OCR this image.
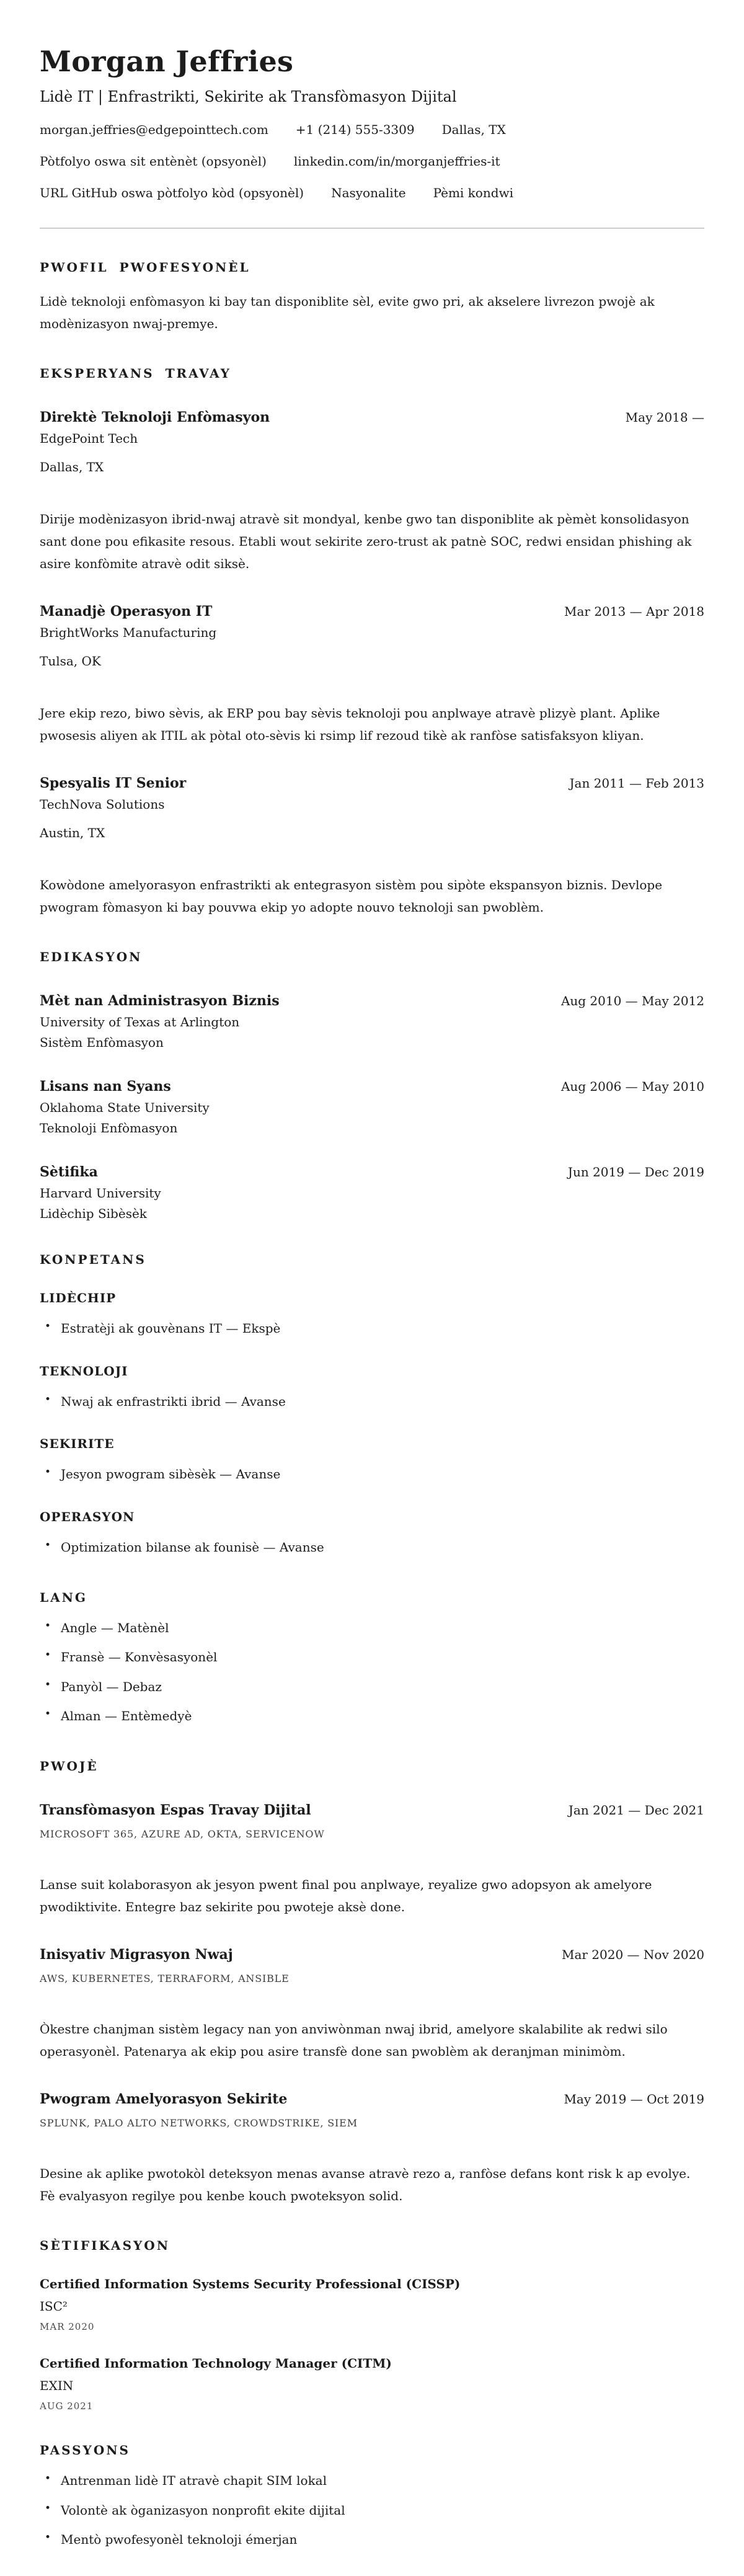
Morgan Jeffries
Lidè IT | Enfrastrikti, Sekirite ak Transfòmasyon Dijital
morgan.jeffries@edgepointtech.com +1 (214) 555-3309 Dallas, TX
Pòtfolyo oswa sit entènèt (opsyonèl) linkedin.com/in/morganjeffries-it
URL GitHub oswa pòtfolyo kòd (opsyonèl) Nasyonalite Pèmi kondwi
PWOFIL PWOFESYONÈL

Lidè teknoloji enfòmasyon ki bay tan disponiblite sèl, evite gwo pri, ak akselere livrezon pwojè ak modènizasyon nwaj-premye.

EKSPERYANS TRAVAY
Direktè Teknoloji Enfòmasyon	May 2018 —
EdgePoint Tech
Dallas, TX

Dirije modènizasyon ibrid-nwaj atravè sit mondyal, kenbe gwo tan disponiblite ak pèmèt konsolidasyon sant done pou efikasite resous. Etabli wout sekirite zero-trust ak patnè SOC, redwi ensidan phishing ak asire konfòmite atravè odit siksè.

Manadjè Operasyon IT	Mar 2013 — Apr 2018
BrightWorks Manufacturing
Tulsa, OK

Jere ekip rezo, biwo sèvis, ak ERP pou bay sèvis teknoloji pou anplwaye atravè plizyè plant. Aplike pwosesis aliyen ak ITIL ak pòtal oto-sèvis ki rsimp lif rezoud tikè ak ranfòse satisfaksyon kliyan.

Spesyalis IT Senior	Jan 2011 — Feb 2013
TechNova Solutions
Austin, TX

Kowòdone amelyorasyon enfrastrikti ak entegrasyon sistèm pou sipòte ekspansyon biznis. Devlope pwogram fòmasyon ki bay pouvwa ekip yo adopte nouvo teknoloji san pwoblèm.

EDIKASYON
Mèt nan Administrasyon Biznis	Aug 2010 — May 2012
University of Texas at Arlington
Sistèm Enfòmasyon
Lisans nan Syans	Aug 2006 — May 2010
Oklahoma State University
Teknoloji Enfòmasyon
Sètifika	Jun 2019 — Dec 2019
Harvard University
Lidèchip Sibèsèk
KONPETANS
LIDÈCHIP
• Estratèji ak gouvènans IT — Ekspè
TEKNOLOJI
• Nwaj ak enfrastrikti ibrid — Avanse
SEKIRITE
• Jesyon pwogram sibèsèk — Avanse
OPERASYON
• Optimization bilanse ak founisè — Avanse
LANG
• Angle — Matènèl
• Fransè — Konvèsasyonèl
• Panyòl — Debaz
• Alman — Entèmedyè
PWOJÈ
Transfòmasyon Espas Travay Dijital	Jan 2021 — Dec 2021
MICROSOFT 365, AZURE AD, OKTA, SERVICENOW

Lanse suit kolaborasyon ak jesyon pwent final pou anplwaye, reyalize gwo adopsyon ak amelyore pwodiktivite. Entegre baz sekirite pou pwoteje aksè done.

Inisyativ Migrasyon Nwaj	Mar 2020 — Nov 2020
AWS, KUBERNETES, TERRAFORM, ANSIBLE

Òkestre chanjman sistèm legacy nan yon anviwònman nwaj ibrid, amelyore skalabilite ak redwi silo operasyonèl. Patenarya ak ekip pou asire transfè done san pwoblèm ak deranjman minimòm.

Pwogram Amelyorasyon Sekirite	May 2019 — Oct 2019
SPLUNK, PALO ALTO NETWORKS, CROWDSTRIKE, SIEM

Desine ak aplike pwotokòl deteksyon menas avanse atravè rezo a, ranfòse defans kont risk k ap evolye. Fè evalyasyon regilye pou kenbe kouch pwoteksyon solid.

SÈTIFIKASYON
Certified Information Systems Security Professional (CISSP)
ISC²
MAR 2020
Certified Information Technology Manager (CITM)
EXIN
AUG 2021
PASSYONS
• Antrenman lidè IT atravè chapit SIM lokal
• Volontè ak òganizasyon nonprofit ekite dijital
• Mentò pwofesyonèl teknoloji émerjan
